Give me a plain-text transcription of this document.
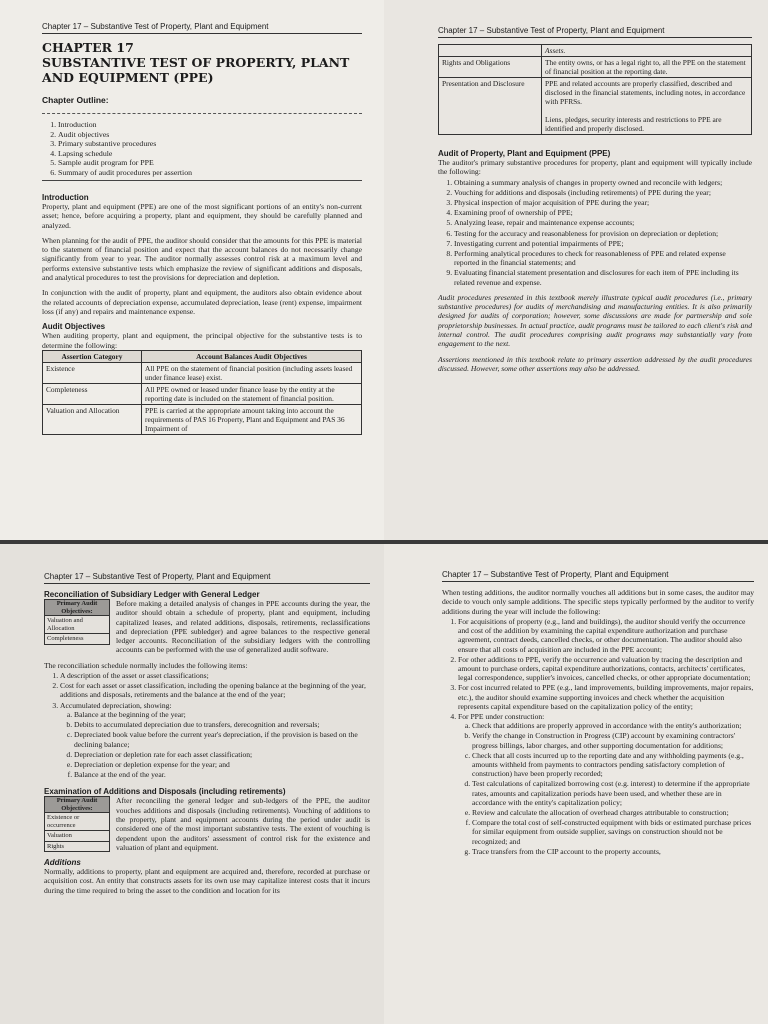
Chapter 17 – Substantive Test of Property, Plant and Equipment
CHAPTER 17
SUBSTANTIVE TEST OF PROPERTY, PLANT AND EQUIPMENT (PPE)
Chapter Outline:
1. Introduction
2. Audit objectives
3. Primary substantive procedures
4. Lapsing schedule
5. Sample audit program for PPE
6. Summary of audit procedures per assertion
Introduction

Property, plant and equipment (PPE) are one of the most significant portions of an entity's non-current asset; hence, before acquiring a property, plant and equipment, they should be carefully planned and analyzed.

When planning for the audit of PPE, the auditor should consider that the amounts for this PPE is material to the statement of financial position and expect that the account balances do not necessarily change significantly from year to year. The auditor normally assesses control risk at a maximum level and performs extensive substantive tests which emphasize the review of significant additions and disposals, and analytical procedures to test the provisions for depreciation and depletion.

In conjunction with the audit of property, plant and equipment, the auditors also obtain evidence about the related accounts of depreciation expense, accumulated depreciation, lease (rent) expense, impairment loss (if any) and repairs and maintenance expense.

Audit Objectives

When auditing property, plant and equipment, the principal objective for the substantive tests is to determine the following:

Assertion Category	Account Balances Audit Objectives
Existence	All PPE on the statement of financial position (including assets leased under finance lease) exist.
Completeness	All PPE owned or leased under finance lease by the entity at the reporting date is included on the statement of financial position.
Valuation and Allocation	PPE is carried at the appropriate amount taking into account the requirements of PAS 16 Property, Plant and Equipment and PAS 36 Impairment of
Chapter 17 – Substantive Test of Property, Plant and Equipment
	Assets.
Rights and Obligations	The entity owns, or has a legal right to, all the PPE on the statement of financial position at the reporting date.
Presentation and Disclosure	PPE and related accounts are properly classified, described and disclosed in the financial statements, including notes, in accordance with PFRSs.

Liens, pledges, security interests and restrictions to PPE are identified and properly disclosed.
Audit of Property, Plant and Equipment (PPE)

The auditor's primary substantive procedures for property, plant and equipment will typically include the following:

1. Obtaining a summary analysis of changes in property owned and reconcile with ledgers;
2. Vouching for additions and disposals (including retirements) of PPE during the year;
3. Physical inspection of major acquisition of PPE during the year;
4. Examining proof of ownership of PPE;
5. Analyzing lease, repair and maintenance expense accounts;
6. Testing for the accuracy and reasonableness for provision on depreciation or depletion;
7. Investigating current and potential impairments of PPE;
8. Performing analytical procedures to check for reasonableness of PPE and related expense reported in the financial statements; and
9. Evaluating financial statement presentation and disclosures for each item of PPE including its related revenue and expense.

Audit procedures presented in this textbook merely illustrate typical audit procedures (i.e., primary substantive procedures) for audits of merchandising and manufacturing entities. It is also primarily designed for audits of corporation; however, some discussions are made for partnership and sole proprietorship businesses. In actual practice, audit programs must be tailored to each client's risk and internal control. The audit procedures comprising audit programs may substantially vary from engagement to the next.

Assertions mentioned in this textbook relate to primary assertion addressed by the audit procedures discussed. However, some other assertions may also be addressed.

Chapter 17 – Substantive Test of Property, Plant and Equipment
Reconciliation of Subsidiary Ledger with General Ledger
Primary Audit Objectives:
Valuation and Allocation
Completeness

Before making a detailed analysis of changes in PPE accounts during the year, the auditor should obtain a schedule of property, plant and equipment, including capitalized leases, and related additions, disposals, retirements, reclassifications and depreciation (PPE subledger) and agree balances to the respective general ledger accounts. Reconciliation of the subsidiary ledgers with the controlling accounts can be performed with the use of generalized audit software.

The reconciliation schedule normally includes the following items:

1. A description of the asset or asset classifications;
2. Cost for each asset or asset classification, including the opening balance at the beginning of the year, additions and disposals, retirements and the balance at the end of the year;
3. Accumulated depreciation, showing:
a. Balance at the beginning of the year;
b. Debits to accumulated depreciation due to transfers, derecognition and reversals;
c. Depreciated book value before the current year's depreciation, if the provision is based on the declining balance;
d. Depreciation or depletion rate for each asset classification;
e. Depreciation or depletion expense for the year; and
f. Balance at the end of the year.
Examination of Additions and Disposals (including retirements)
Primary Audit Objectives:
Existence or occurrence
Valuation
Rights

After reconciling the general ledger and sub-ledgers of the PPE, the auditor vouches additions and disposals (including retirements). Vouching of additions to the property, plant and equipment accounts during the period under audit is considered one of the most important substantive tests. The extent of vouching is dependent upon the auditors' assessment of control risk for the existence and valuation of plant and equipment.

Additions

Normally, additions to property, plant and equipment are acquired and, therefore, recorded at purchase or acquisition cost. An entity that constructs assets for its own use may capitalize interest costs that it incurs during the time required to bring the asset to the condition and location for its

Chapter 17 – Substantive Test of Property, Plant and Equipment

When testing additions, the auditor normally vouches all additions but in some cases, the auditor may decide to vouch only sample additions. The specific steps typically performed by the auditor to verify additions during the year will include the following:

1. For acquisitions of property (e.g., land and buildings), the auditor should verify the occurrence and cost of the addition by examining the capital expenditure authorization and purchase agreement, contract deeds, cancelled checks, or other documentation. The auditor should also ensure that all costs of acquisition are included in the PPE account;
2. For other additions to PPE, verify the occurrence and valuation by tracing the description and amount to purchase orders, capital expenditure authorizations, contacts, architects' certificates, legal correspondence, supplier's invoices, cancelled checks, or other appropriate documentation;
3. For cost incurred related to PPE (e.g., land improvements, building improvements, major repairs, etc.), the auditor should examine supporting invoices and check whether the acquisition represents capital expenditure based on the capitalization policy of the entity;
4. For PPE under construction:
a. Check that additions are properly approved in accordance with the entity's authorization;
b. Verify the change in Construction in Progress (CIP) account by examining contractors' progress billings, labor charges, and other supporting documentation for additions;
c. Check that all costs incurred up to the reporting date and any withholding payments (e.g., amounts withheld from payments to contractors pending satisfactory completion of construction) have been properly recorded;
d. Test calculations of capitalized borrowing cost (e.g. interest) to determine if the appropriate rates, amounts and capitalization periods have been used, and whether these are in accordance with the entity's capitalization policy;
e. Review and calculate the allocation of overhead charges attributable to construction;
f. Compare the total cost of self-constructed equipment with bids or estimated purchase prices for similar equipment from outside supplier, savings on construction should not be recognized; and
g. Trace transfers from the CIP account to the property accounts,
